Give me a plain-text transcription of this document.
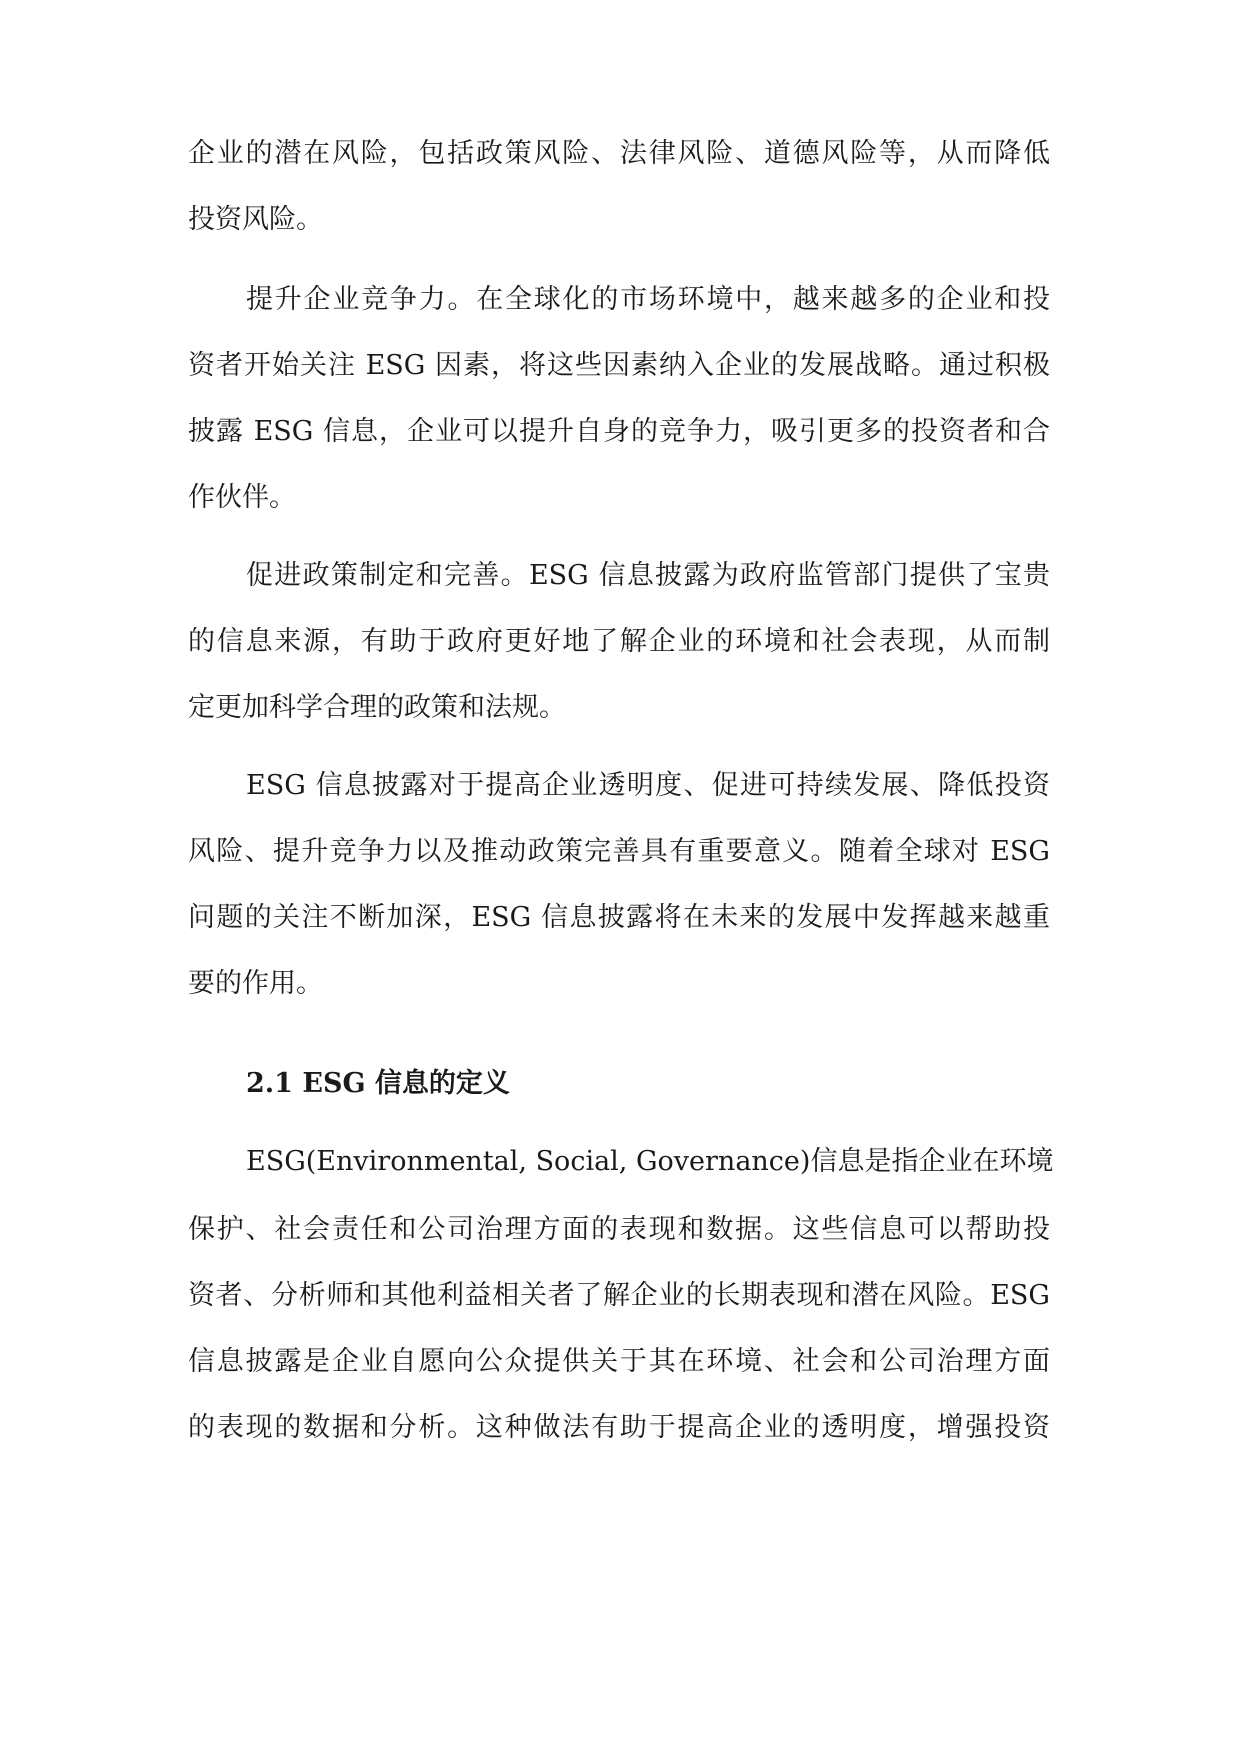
企业的潜在风险，包括政策风险、法律风险、道德风险等，从而降低
投资风险。
提升企业竞争力。在全球化的市场环境中，越来越多的企业和投
资者开始关注 ESG 因素，将这些因素纳入企业的发展战略。通过积极
披露 ESG 信息，企业可以提升自身的竞争力，吸引更多的投资者和合
作伙伴。
促进政策制定和完善。ESG 信息披露为政府监管部门提供了宝贵
的信息来源，有助于政府更好地了解企业的环境和社会表现，从而制
定更加科学合理的政策和法规。
ESG 信息披露对于提高企业透明度、促进可持续发展、降低投资
风险、提升竞争力以及推动政策完善具有重要意义。随着全球对 ESG
问题的关注不断加深，ESG 信息披露将在未来的发展中发挥越来越重
要的作用。
2.1 ESG 信息的定义
ESG(Environmental, Social, Governance)信息是指企业在环境
保护、社会责任和公司治理方面的表现和数据。这些信息可以帮助投
资者、分析师和其他利益相关者了解企业的长期表现和潜在风险。ESG
信息披露是企业自愿向公众提供关于其在环境、社会和公司治理方面
的表现的数据和分析。这种做法有助于提高企业的透明度，增强投资
